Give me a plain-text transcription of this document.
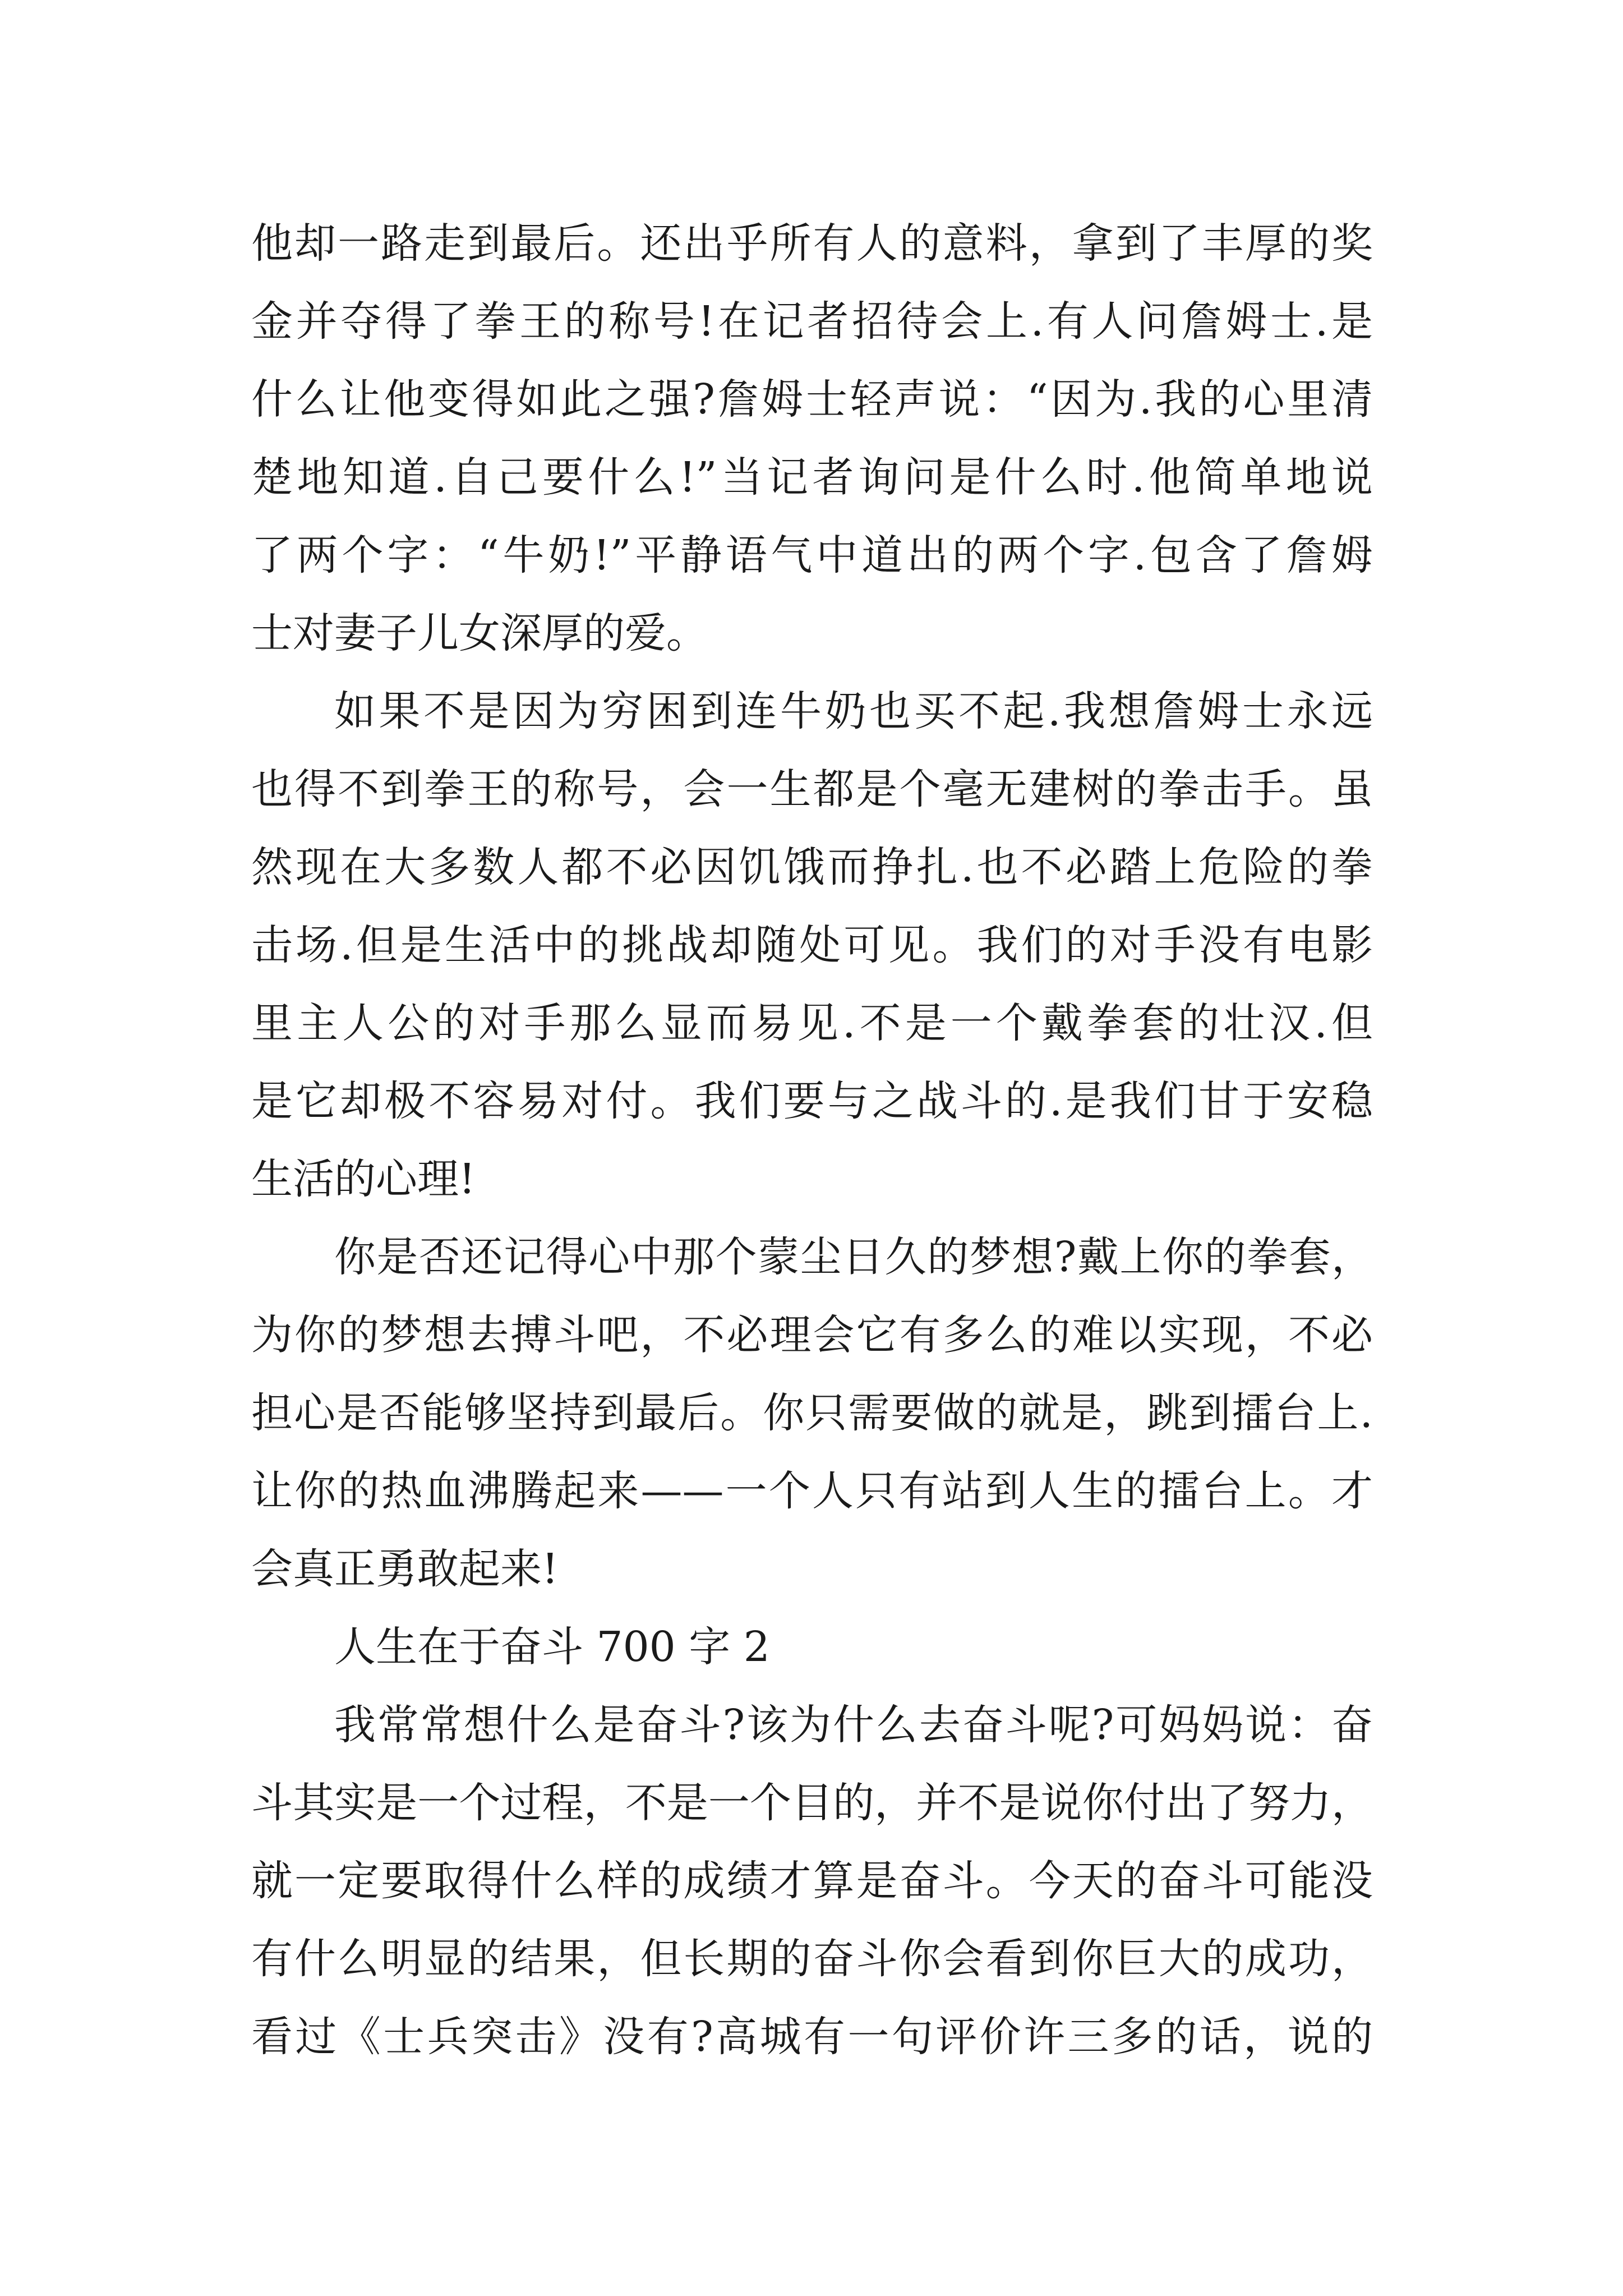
他却一路走到最后。还出乎所有人的意料，拿到了丰厚的奖
金并夺得了拳王的称号!在记者招待会上.有人问詹姆士.是
什么让他变得如此之强?詹姆士轻声说：“因为.我的心里清
楚地知道.自己要什么!”当记者询问是什么时.他简单地说
了两个字：“牛奶!”平静语气中道出的两个字.包含了詹姆
士对妻子儿女深厚的爱。
如果不是因为穷困到连牛奶也买不起.我想詹姆士永远
也得不到拳王的称号，会一生都是个毫无建树的拳击手。虽
然现在大多数人都不必因饥饿而挣扎.也不必踏上危险的拳
击场.但是生活中的挑战却随处可见。我们的对手没有电影
里主人公的对手那么显而易见.不是一个戴拳套的壮汉.但
是它却极不容易对付。我们要与之战斗的.是我们甘于安稳
生活的心理!
你是否还记得心中那个蒙尘日久的梦想?戴上你的拳套，
为你的梦想去搏斗吧，不必理会它有多么的难以实现，不必
担心是否能够坚持到最后。你只需要做的就是，跳到擂台上.
让你的热血沸腾起来——一个人只有站到人生的擂台上。才
会真正勇敢起来!
人生在于奋斗 700 字 2
我常常想什么是奋斗?该为什么去奋斗呢?可妈妈说：奋
斗其实是一个过程，不是一个目的，并不是说你付出了努力，
就一定要取得什么样的成绩才算是奋斗。今天的奋斗可能没
有什么明显的结果，但长期的奋斗你会看到你巨大的成功，
看过《士兵突击》没有?高城有一句评价许三多的话，说的
